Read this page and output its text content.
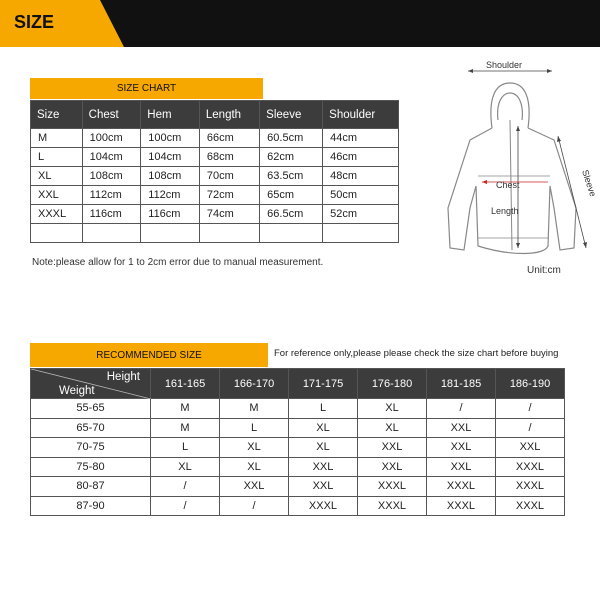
SIZE
SIZE CHART
Size	Chest	Hem	Length	Sleeve	Shoulder
M	100cm	100cm	66cm	60.5cm	44cm
L	104cm	104cm	68cm	62cm	46cm
XL	108cm	108cm	70cm	63.5cm	48cm
XXL	112cm	112cm	72cm	65cm	50cm
XXXL	116cm	116cm	74cm	66.5cm	52cm

Note:please allow for 1 to 2cm error due to manual measurement.
Shoulder
Chest
Length
Sleeve
Unit:cm
RECOMMENDED SIZE	For reference only,please please check the size chart before buying
Height
Weight	161-165	166-170	171-175	176-180	181-185	186-190
55-65	M	M	L	XL	/	/
65-70	M	L	XL	XL	XXL	/
70-75	L	XL	XL	XXL	XXL	XXL
75-80	XL	XL	XXL	XXL	XXL	XXXL
80-87	/	XXL	XXL	XXXL	XXXL	XXXL
87-90	/	/	XXXL	XXXL	XXXL	XXXL
